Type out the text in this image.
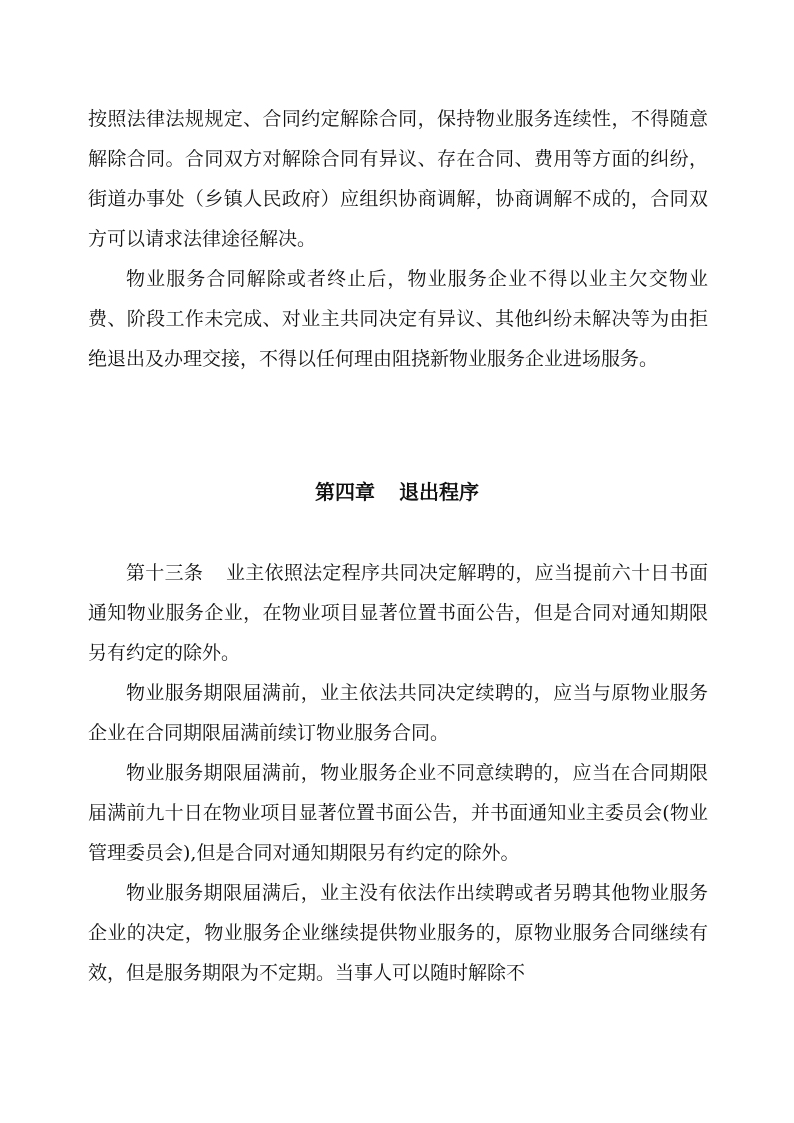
按照法律法规规定、合同约定解除合同，保持物业服务连续性，不得随意解除合同。合同双方对解除合同有异议、存在合同、费用等方面的纠纷，街道办事处（乡镇人民政府）应组织协商调解，协商调解不成的，合同双方可以请求法律途径解决。

物业服务合同解除或者终止后，物业服务企业不得以业主欠交物业费、阶段工作未完成、对业主共同决定有异议、其他纠纷未解决等为由拒绝退出及办理交接，不得以任何理由阻挠新物业服务企业进场服务。

第四章 退出程序

第十三条 业主依照法定程序共同决定解聘的，应当提前六十日书面通知物业服务企业，在物业项目显著位置书面公告，但是合同对通知期限另有约定的除外。

物业服务期限届满前，业主依法共同决定续聘的，应当与原物业服务企业在合同期限届满前续订物业服务合同。

物业服务期限届满前，物业服务企业不同意续聘的，应当在合同期限届满前九十日在物业项目显著位置书面公告，并书面通知业主委员会(物业管理委员会),但是合同对通知期限另有约定的除外。

物业服务期限届满后，业主没有依法作出续聘或者另聘其他物业服务企业的决定，物业服务企业继续提供物业服务的，原物业服务合同继续有效，但是服务期限为不定期。当事人可以随时解除不
